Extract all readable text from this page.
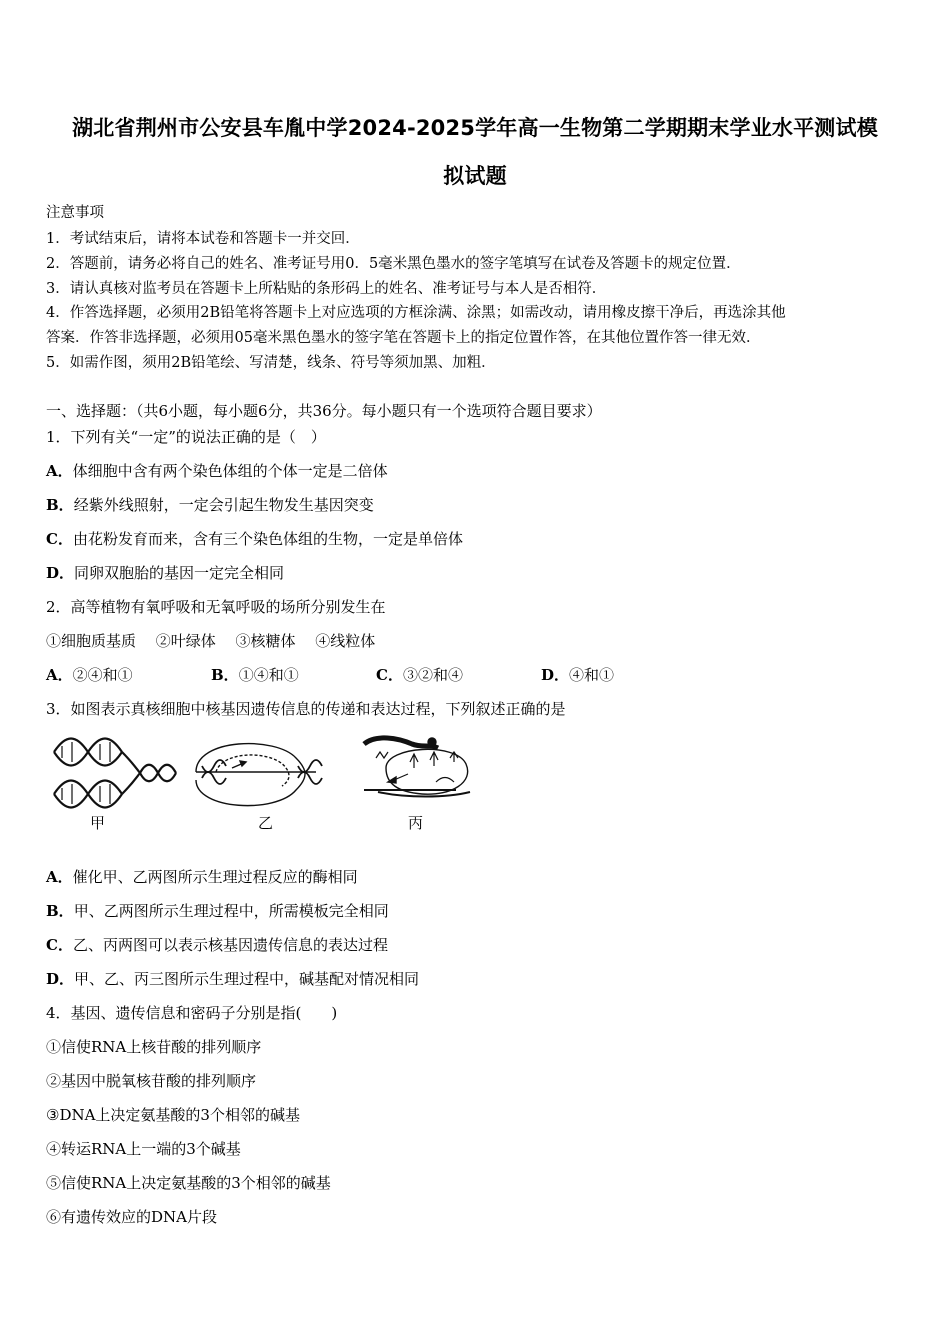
湖北省荆州市公安县车胤中学2024-2025学年高一生物第二学期期末学业水平测试模
拟试题
注意事项
1．考试结束后，请将本试卷和答题卡一并交回．
2．答题前，请务必将自己的姓名、准考证号用0．5毫米黑色墨水的签字笔填写在试卷及答题卡的规定位置．
3．请认真核对监考员在答题卡上所粘贴的条形码上的姓名、准考证号与本人是否相符．
4．作答选择题，必须用2B铅笔将答题卡上对应选项的方框涂满、涂黑；如需改动，请用橡皮擦干净后，再选涂其他
答案．作答非选择题，必须用05毫米黑色墨水的签字笔在答题卡上的指定位置作答，在其他位置作答一律无效．
5．如需作图，须用2B铅笔绘、写清楚，线条、符号等须加黑、加粗．
一、选择题：（共6小题，每小题6分，共36分。每小题只有一个选项符合题目要求）
1．下列有关“一定”的说法正确的是（　）
A．体细胞中含有两个染色体组的个体一定是二倍体
B．经紫外线照射，一定会引起生物发生基因突变
C．由花粉发育而来，含有三个染色体组的生物，一定是单倍体
D．同卵双胞胎的基因一定完全相同
2．高等植物有氧呼吸和无氧呼吸的场所分别发生在
①细胞质基质　 ②叶绿体　 ③核糖体　 ④线粒体
A．②④和①	B．①④和①	C．③②和④	D．④和①
3．如图表示真核细胞中核基因遗传信息的传递和表达过程，下列叙述正确的是
甲	乙	丙
A．催化甲、乙两图所示生理过程反应的酶相同
B．甲、乙两图所示生理过程中，所需模板完全相同
C．乙、丙两图可以表示核基因遗传信息的表达过程
D．甲、乙、丙三图所示生理过程中，碱基配对情况相同
4．基因、遗传信息和密码子分别是指(　　)
①信使RNA上核苷酸的排列顺序
②基因中脱氧核苷酸的排列顺序
③DNA上决定氨基酸的3个相邻的碱基
④转运RNA上一端的3个碱基
⑤信使RNA上决定氨基酸的3个相邻的碱基
⑥有遗传效应的DNA片段
